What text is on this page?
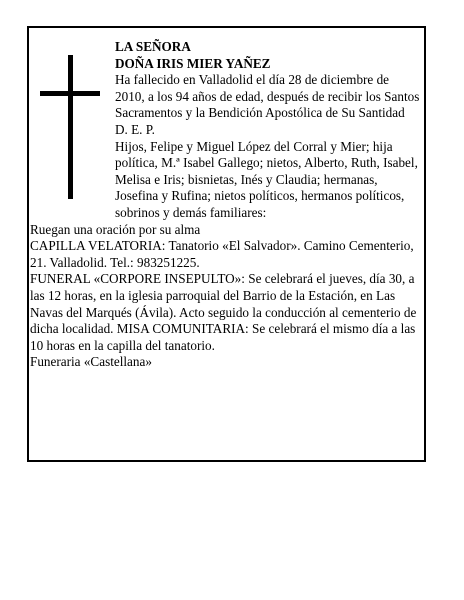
LA SEÑORA
DOÑA IRIS MIER YAÑEZ

Ha fallecido en Valladolid el día 28 de diciembre de 2010, a los 94 años de edad, después de recibir los Santos Sacramentos y la Bendición Apostólica de Su Santidad

D. E. P.

Hijos, Felipe y Miguel López del Corral y Mier; hija política, M.ª Isabel Gallego; nietos, Alberto, Ruth, Isabel, Melisa e Iris; bisnietas, Inés y Claudia; hermanas, Josefina y Rufina; nietos políticos, hermanos políticos, sobrinos y demás familiares:

Ruegan una oración por su alma

CAPILLA VELATORIA: Tanatorio «El Salvador». Camino Cementerio, 21. Valladolid. Tel.: 983251225.

FUNERAL «CORPORE INSEPULTO»: Se celebrará el jueves, día 30, a las 12 horas, en la iglesia parroquial del Barrio de la Estación, en Las Navas del Marqués (Ávila). Acto seguido la conducción al cementerio de dicha localidad. MISA COMUNITARIA: Se celebrará el mismo día a las 10 horas en la capilla del tanatorio.

Funeraria «Castellana»
